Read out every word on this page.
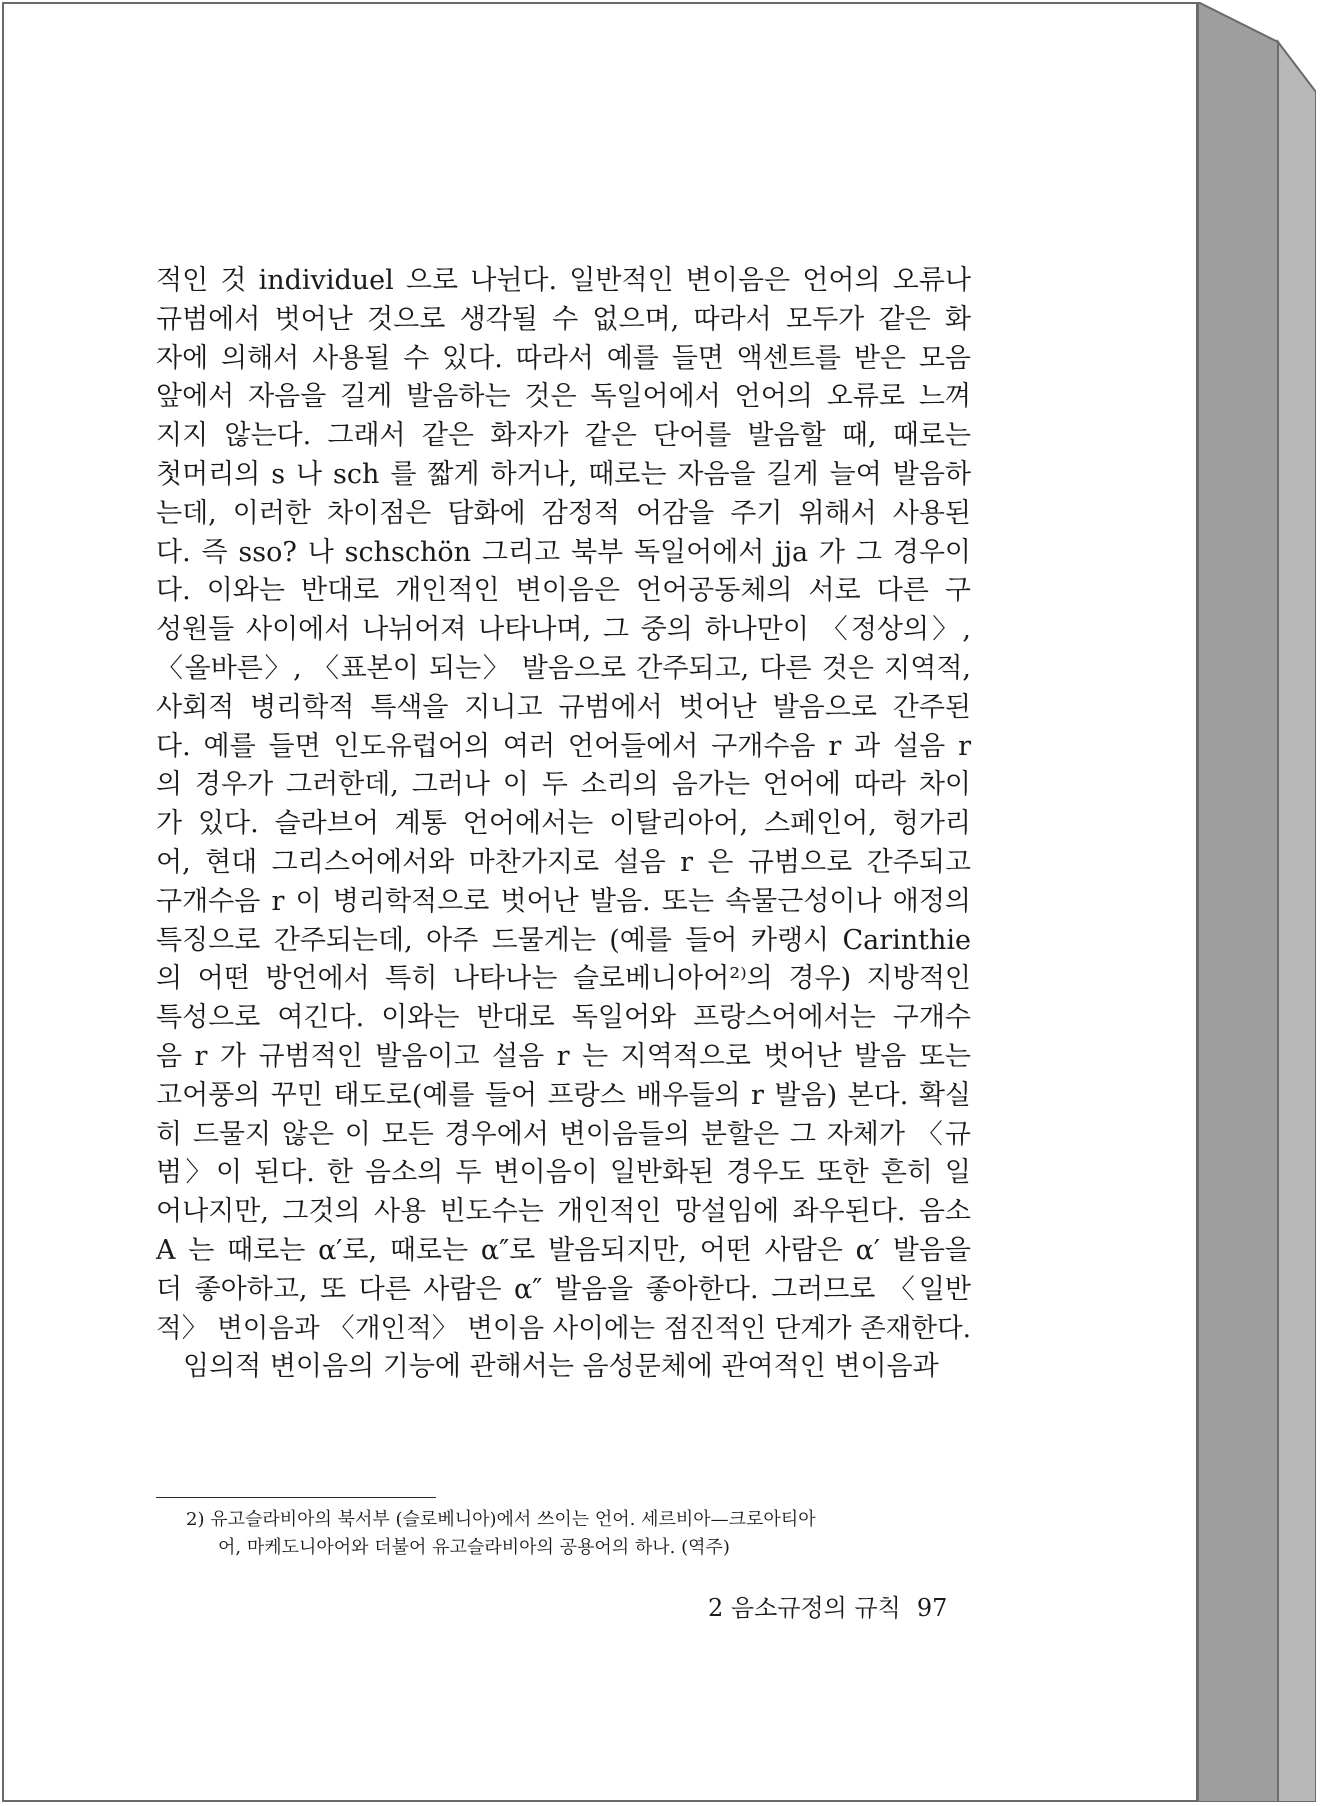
적인 것 individuel 으로 나뉜다. 일반적인 변이음은 언어의 오류나
규범에서 벗어난 것으로 생각될 수 없으며, 따라서 모두가 같은 화
자에 의해서 사용될 수 있다. 따라서 예를 들면 액센트를 받은 모음
앞에서 자음을 길게 발음하는 것은 독일어에서 언어의 오류로 느껴
지지 않는다. 그래서 같은 화자가 같은 단어를 발음할 때, 때로는
첫머리의 s 나 sch 를 짧게 하거나, 때로는 자음을 길게 늘여 발음하
는데, 이러한 차이점은 담화에 감정적 어감을 주기 위해서 사용된
다. 즉 sso? 나 schschön 그리고 북부 독일어에서 jja 가 그 경우이
다. 이와는 반대로 개인적인 변이음은 언어공동체의 서로 다른 구
성원들 사이에서 나뉘어져 나타나며, 그 중의 하나만이 〈정상의〉,
〈올바른〉, 〈표본이 되는〉 발음으로 간주되고, 다른 것은 지역적,
사회적 병리학적 특색을 지니고 규범에서 벗어난 발음으로 간주된
다. 예를 들면 인도유럽어의 여러 언어들에서 구개수음 r 과 설음 r
의 경우가 그러한데, 그러나 이 두 소리의 음가는 언어에 따라 차이
가 있다. 슬라브어 계통 언어에서는 이탈리아어, 스페인어, 헝가리
어, 현대 그리스어에서와 마찬가지로 설음 r 은 규범으로 간주되고
구개수음 r 이 병리학적으로 벗어난 발음. 또는 속물근성이나 애정의
특징으로 간주되는데, 아주 드물게는 (예를 들어 카랭시 Carinthie
의 어떤 방언에서 특히 나타나는 슬로베니아어²⁾의 경우) 지방적인
특성으로 여긴다. 이와는 반대로 독일어와 프랑스어에서는 구개수
음 r 가 규범적인 발음이고 설음 r 는 지역적으로 벗어난 발음 또는
고어풍의 꾸민 태도로(예를 들어 프랑스 배우들의 r 발음) 본다. 확실
히 드물지 않은 이 모든 경우에서 변이음들의 분할은 그 자체가 〈규
범〉이 된다. 한 음소의 두 변이음이 일반화된 경우도 또한 흔히 일
어나지만, 그것의 사용 빈도수는 개인적인 망설임에 좌우된다. 음소
A 는 때로는 α′로, 때로는 α″로 발음되지만, 어떤 사람은 α′ 발음을
더 좋아하고, 또 다른 사람은 α″ 발음을 좋아한다. 그러므로 〈일반
적〉 변이음과 〈개인적〉 변이음 사이에는 점진적인 단계가 존재한다.
임의적 변이음의 기능에 관해서는 음성문체에 관여적인 변이음과
2) 유고슬라비아의 북서부 (슬로베니아)에서 쓰이는 언어. 세르비아—크로아티아
어, 마케도니아어와 더불어 유고슬라비아의 공용어의 하나. (역주)
2 음소규정의 규칙 97
